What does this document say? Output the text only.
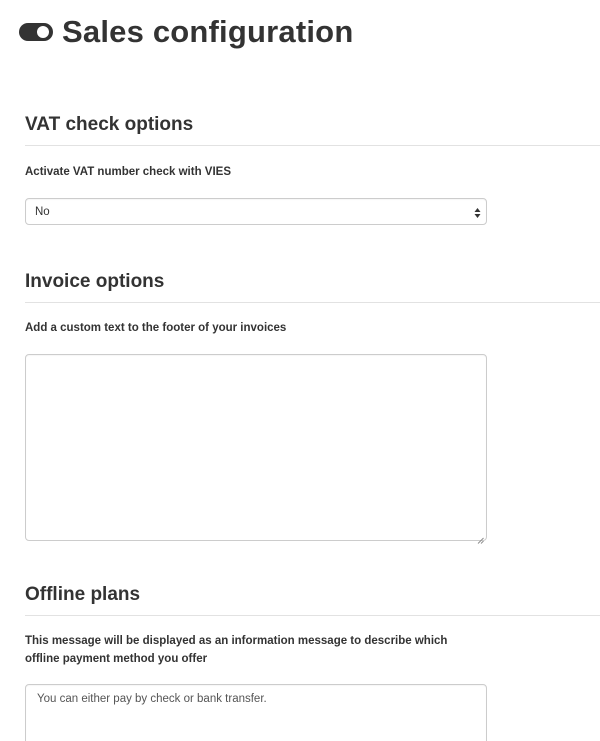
Sales configuration
VAT check options
Activate VAT number check with VIES
No
Invoice options
Add a custom text to the footer of your invoices
Offline plans
This message will be displayed as an information message to describe which
offline payment method you offer
You can either pay by check or bank transfer.
